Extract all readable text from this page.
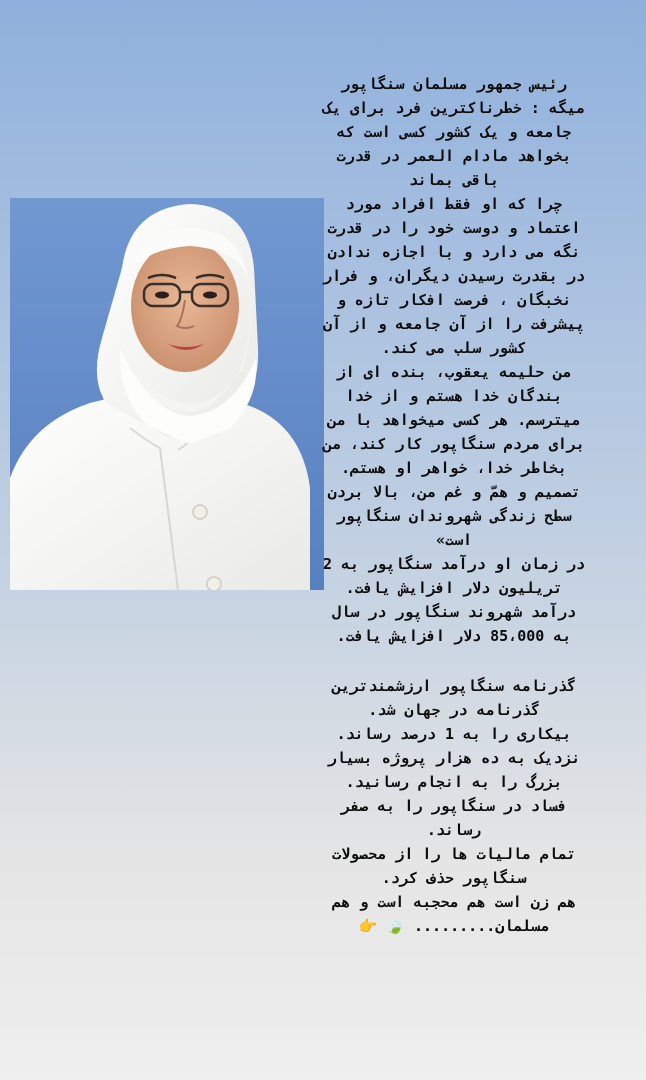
رئیس جمهور مسلمان سنگاپور میگه : خطرناکترین فرد برای یک جامعه و یک کشور کسی است که بخواهد مادام العمر در قدرت باقی بماند

چرا که او فقط افراد مورد اعتماد و دوست خود را در قدرت نگه می دارد و با اجازه ندادن در بقدرت رسیدن دیگران، و فرار نخبگان ، فرصت افکار تازه و پیشرفت را از آن جامعه و از آن کشور سلب می کند.

من حلیمه یعقوب، بنده ای از بندگان خدا هستم و از خدا میترسم. هر کسی میخواهد با من برای مردم سنگاپور کار کند، من بخاطر خدا، خواهر او هستم. تصمیم و همّ و غم من، بالا بردن سطح زندگی شهروندان سنگاپور است»

در زمان او درآمد سنگاپور به 2 تریلیون دلار افزایش یافت. درآمد شهروند سنگاپور در سال به 85،000 دلار افزایش یافت.

گذرنامه سنگاپور ارزشمندترین گذرنامه در جهان شد.

بیکاری را به 1 درصد رساند.

نزدیک به ده هزار پروژه بسیار بزرگ را به انجام رسانید.

فساد در سنگاپور را به صفر رساند.

تمام مالیات ها را از محصولات سنگاپور حذف کرد.

هم زن است هم محجبه است و هم مسلمان......... 🍃 👉
